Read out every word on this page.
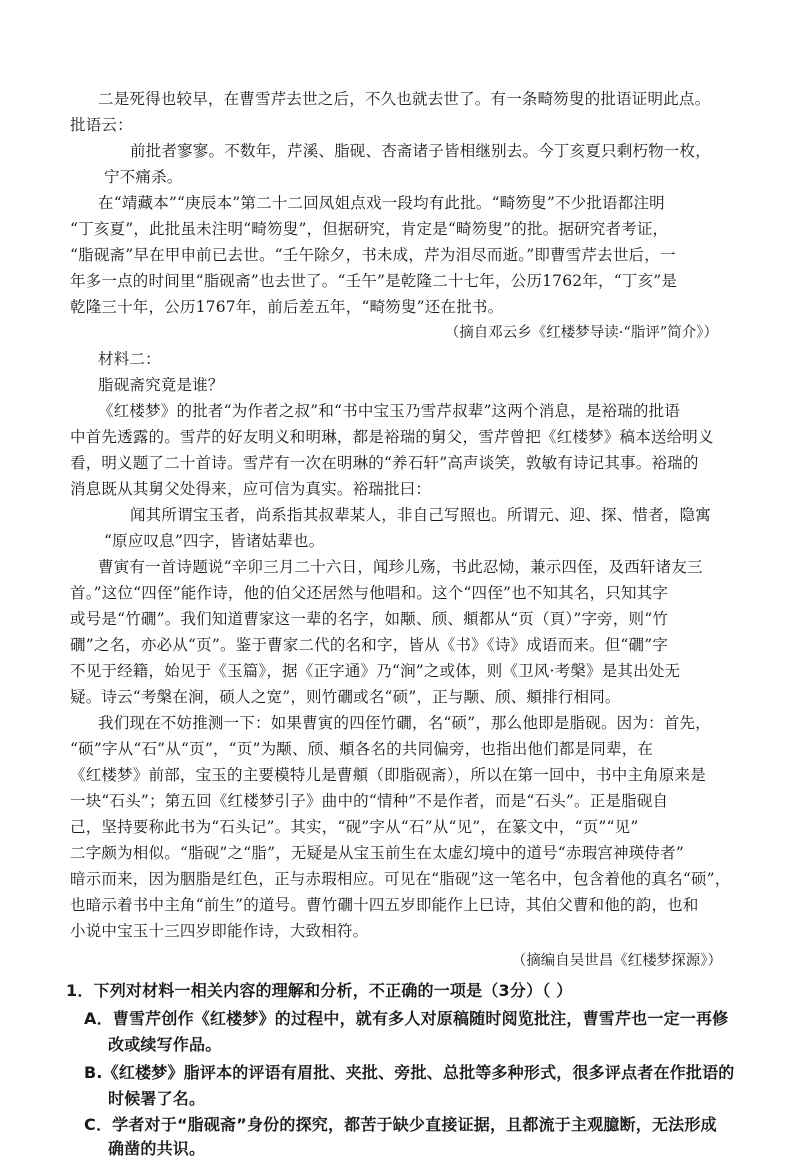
二是死得也较早，在曹雪芹去世之后，不久也就去世了。有一条畸笏叟的批语证明此点。
批语云：
前批者寥寥。不数年，芹溪、脂砚、杏斋诸子皆相继别去。今丁亥夏只剩朽物一枚，
宁不痛杀。
在“靖藏本”“庚辰本”第二十二回凤姐点戏一段均有此批。“畸笏叟”不少批语都注明
“丁亥夏”，此批虽未注明“畸笏叟”，但据研究，肯定是“畸笏叟”的批。据研究者考证，
“脂砚斋”早在甲申前已去世。“壬午除夕，书未成，芹为泪尽而逝。”即曹雪芹去世后，一
年多一点的时间里“脂砚斋”也去世了。“壬午”是乾隆二十七年，公历1762年，“丁亥”是
乾隆三十年，公历1767年，前后差五年，“畸笏叟”还在批书。
（摘自邓云乡《红楼梦导读·“脂评”简介》）
材料二：
脂砚斋究竟是谁？
《红楼梦》的批者“为作者之叔”和“书中宝玉乃雪芹叔辈”这两个消息，是裕瑞的批语
中首先透露的。雪芹的好友明义和明琳，都是裕瑞的舅父，雪芹曾把《红楼梦》稿本送给明义
看，明义题了二十首诗。雪芹有一次在明琳的“养石轩”高声谈笑，敦敏有诗记其事。裕瑞的
消息既从其舅父处得来，应可信为真实。裕瑞批曰：
闻其所谓宝玉者，尚系指其叔辈某人，非自己写照也。所谓元、迎、探、惜者，隐寓
“原应叹息”四字，皆诸姑辈也。
曹寅有一首诗题说“辛卯三月二十六日，闻珍儿殇，书此忍恸，兼示四侄，及西轩诸友三
首。”这位“四侄”能作诗，他的伯父还居然与他唱和。这个“四侄”也不知其名，只知其字
或号是“竹礀”。我们知道曹家这一辈的名字，如颙、颀、頫都从“页（頁）”字旁，则“竹
礀”之名，亦必从“页”。鉴于曹家二代的名和字，皆从《书》《诗》成语而来。但“礀”字
不见于经籍，始见于《玉篇》，据《正字通》乃“涧”之或体，则《卫风·考槃》是其出处无
疑。诗云“考槃在涧，硕人之宽”，则竹礀或名“硕”，正与颙、颀、頫排行相同。
我们现在不妨推测一下：如果曹寅的四侄竹礀，名“硕”，那么他即是脂砚。因为：首先，
“硕”字从“石”从“页”，“页”为颙、颀、頫各名的共同偏旁，也指出他们都是同辈，在
《红楼梦》前部，宝玉的主要模特儿是曹頫（即脂砚斋），所以在第一回中，书中主角原来是
一块“石头”；第五回《红楼梦引子》曲中的“情种”不是作者，而是“石头”。正是脂砚自
己，坚持要称此书为“石头记”。其实，“砚”字从“石”从“见”，在篆文中，“页”“见”
二字颇为相似。“脂砚”之“脂”，无疑是从宝玉前生在太虚幻境中的道号“赤瑕宫神瑛侍者”
暗示而来，因为胭脂是红色，正与赤瑕相应。可见在“脂砚”这一笔名中，包含着他的真名“硕”，
也暗示着书中主角“前生”的道号。曹竹礀十四五岁即能作上巳诗，其伯父曹和他的韵，也和
小说中宝玉十三四岁即能作诗，大致相符。
（摘编自吴世昌《红楼梦探源》）
1．下列对材料一相关内容的理解和分析，不正确的一项是（3分）（ ）
A．曹雪芹创作《红楼梦》的过程中，就有多人对原稿随时阅览批注，曹雪芹也一定一再修
改或续写作品。
B.《红楼梦》脂评本的评语有眉批、夹批、旁批、总批等多种形式，很多评点者在作批语的
时候署了名。
C．学者对于“脂砚斋”身份的探究，都苦于缺少直接证据，且都流于主观臆断，无法形成
确凿的共识。
